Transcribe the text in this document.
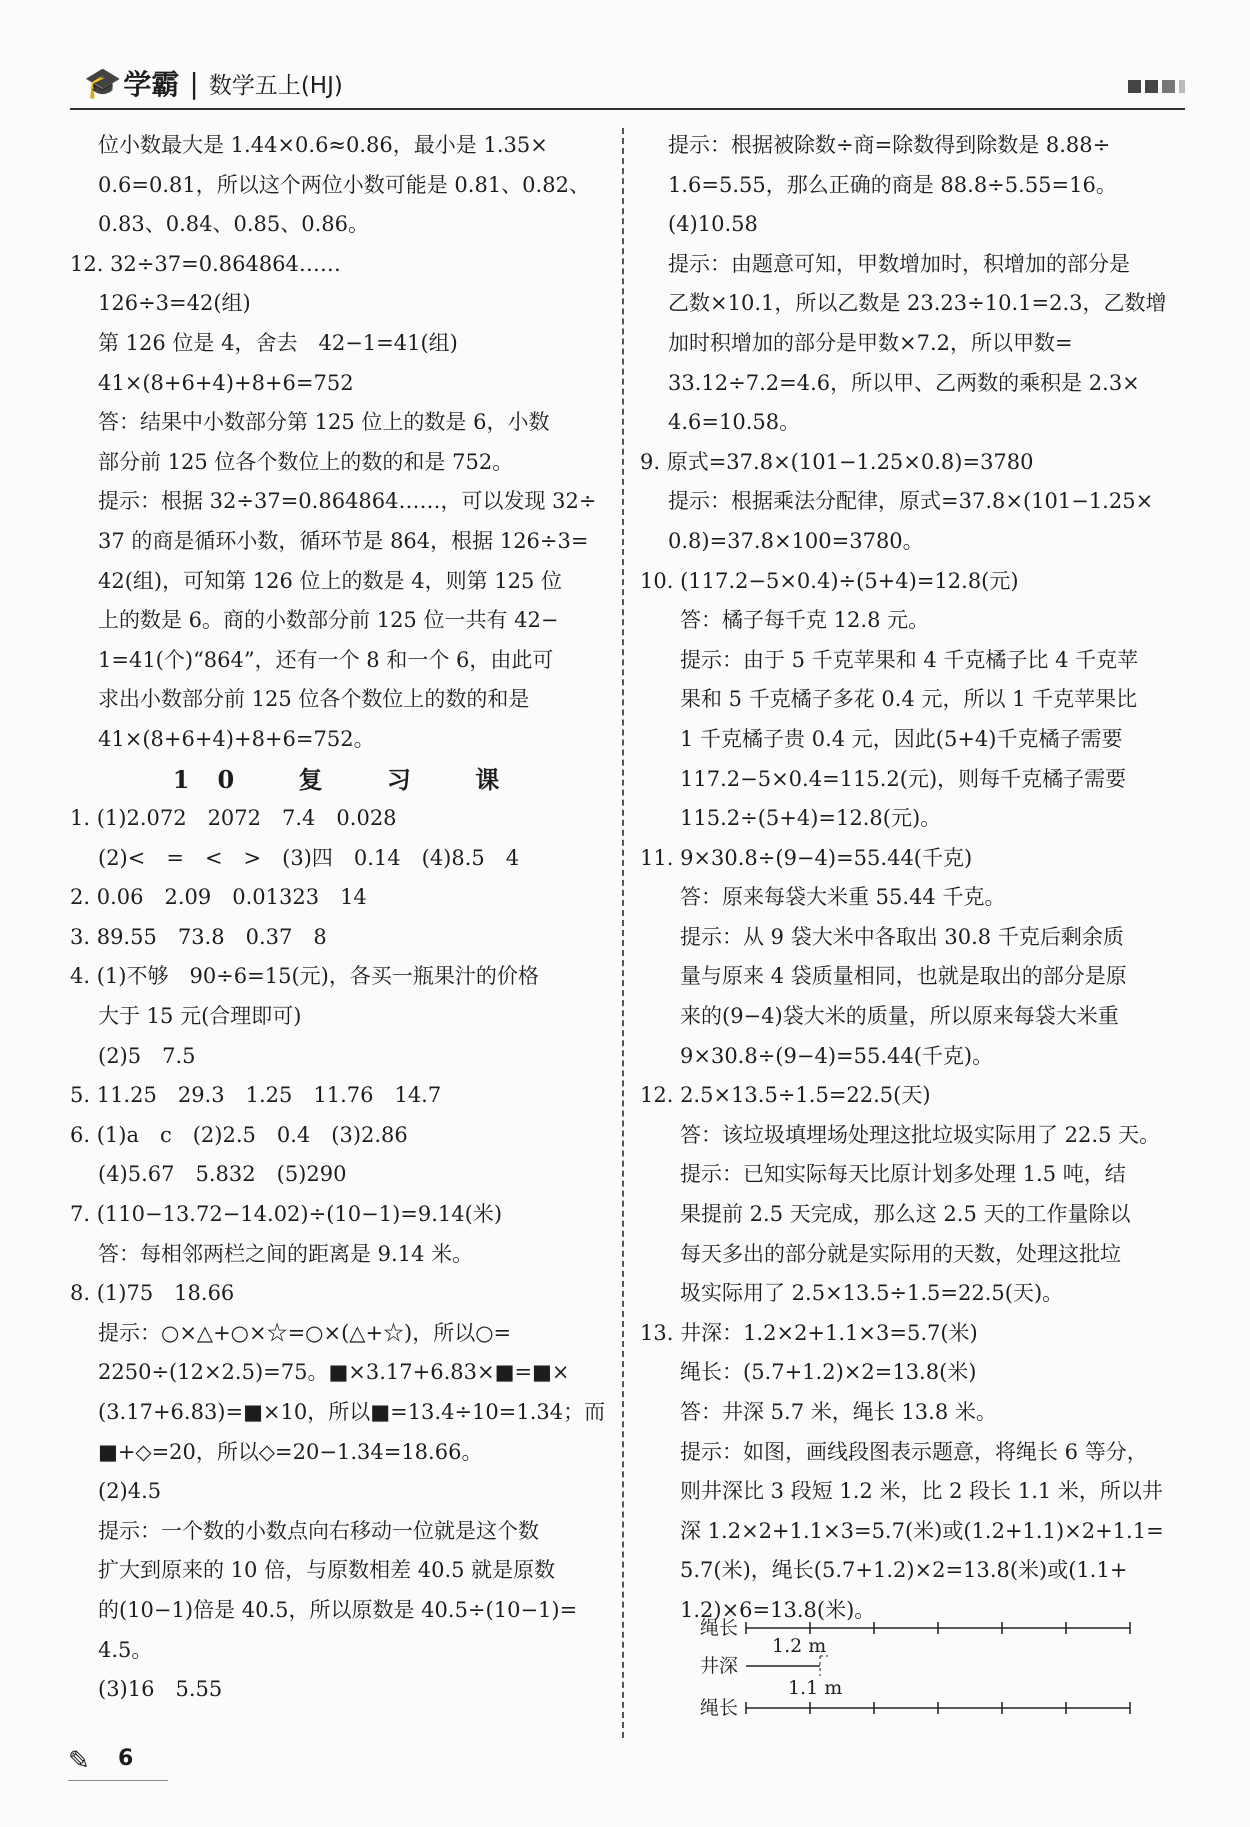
🎓 学霸 | 数学五上(HJ)
位小数最大是 1.44×0.6≈0.86，最小是 1.35×
0.6=0.81，所以这个两位小数可能是 0.81、0.82、
0.83、0.84、0.85、0.86。
12. 32÷37=0.864864……
126÷3=42(组)
第 126 位是 4，舍去　42−1=41(组)
41×(8+6+4)+8+6=752
答：结果中小数部分第 125 位上的数是 6，小数
部分前 125 位各个数位上的数的和是 752。
提示：根据 32÷37=0.864864……，可以发现 32÷
37 的商是循环小数，循环节是 864，根据 126÷3=
42(组)，可知第 126 位上的数是 4，则第 125 位
上的数是 6。商的小数部分前 125 位一共有 42−
1=41(个)“864”，还有一个 8 和一个 6，由此可
求出小数部分前 125 位各个数位上的数的和是
41×(8+6+4)+8+6=752。
10 复 习 课
1. (1)2.072　2072　7.4　0.028
(2)<　=　<　>　(3)四　0.14　(4)8.5　4
2. 0.06　2.09　0.01323　14
3. 89.55　73.8　0.37　8
4. (1)不够　90÷6=15(元)，各买一瓶果汁的价格
大于 15 元(合理即可)
(2)5　7.5
5. 11.25　29.3　1.25　11.76　14.7
6. (1)a　c　(2)2.5　0.4　(3)2.86
(4)5.67　5.832　(5)290
7. (110−13.72−14.02)÷(10−1)=9.14(米)
答：每相邻两栏之间的距离是 9.14 米。
8. (1)75　18.66
提示：○×△+○×☆=○×(△+☆)，所以○=
2250÷(12×2.5)=75。■×3.17+6.83×■=■×
(3.17+6.83)=■×10，所以■=13.4÷10=1.34；而
■+◇=20，所以◇=20−1.34=18.66。
(2)4.5
提示：一个数的小数点向右移动一位就是这个数
扩大到原来的 10 倍，与原数相差 40.5 就是原数
的(10−1)倍是 40.5，所以原数是 40.5÷(10−1)=
4.5。
(3)16　5.55
提示：根据被除数÷商=除数得到除数是 8.88÷
1.6=5.55，那么正确的商是 88.8÷5.55=16。
(4)10.58
提示：由题意可知，甲数增加时，积增加的部分是
乙数×10.1，所以乙数是 23.23÷10.1=2.3，乙数增
加时积增加的部分是甲数×7.2，所以甲数=
33.12÷7.2=4.6，所以甲、乙两数的乘积是 2.3×
4.6=10.58。
9. 原式=37.8×(101−1.25×0.8)=3780
提示：根据乘法分配律，原式=37.8×(101−1.25×
0.8)=37.8×100=3780。
10. (117.2−5×0.4)÷(5+4)=12.8(元)
答：橘子每千克 12.8 元。
提示：由于 5 千克苹果和 4 千克橘子比 4 千克苹
果和 5 千克橘子多花 0.4 元，所以 1 千克苹果比
1 千克橘子贵 0.4 元，因此(5+4)千克橘子需要
117.2−5×0.4=115.2(元)，则每千克橘子需要
115.2÷(5+4)=12.8(元)。
11. 9×30.8÷(9−4)=55.44(千克)
答：原来每袋大米重 55.44 千克。
提示：从 9 袋大米中各取出 30.8 千克后剩余质
量与原来 4 袋质量相同，也就是取出的部分是原
来的(9−4)袋大米的质量，所以原来每袋大米重
9×30.8÷(9−4)=55.44(千克)。
12. 2.5×13.5÷1.5=22.5(天)
答：该垃圾填埋场处理这批垃圾实际用了 22.5 天。
提示：已知实际每天比原计划多处理 1.5 吨，结
果提前 2.5 天完成，那么这 2.5 天的工作量除以
每天多出的部分就是实际用的天数，处理这批垃
圾实际用了 2.5×13.5÷1.5=22.5(天)。
13. 井深：1.2×2+1.1×3=5.7(米)
绳长：(5.7+1.2)×2=13.8(米)
答：井深 5.7 米，绳长 13.8 米。
提示：如图，画线段图表示题意，将绳长 6 等分，
则井深比 3 段短 1.2 米，比 2 段长 1.1 米，所以井
深 1.2×2+1.1×3=5.7(米)或(1.2+1.1)×2+1.1=
5.7(米)，绳长(5.7+1.2)×2=13.8(米)或(1.1+
1.2)×6=13.8(米)。
绳长
1.2 m
井深
1.1 m
绳长
✎ 6
